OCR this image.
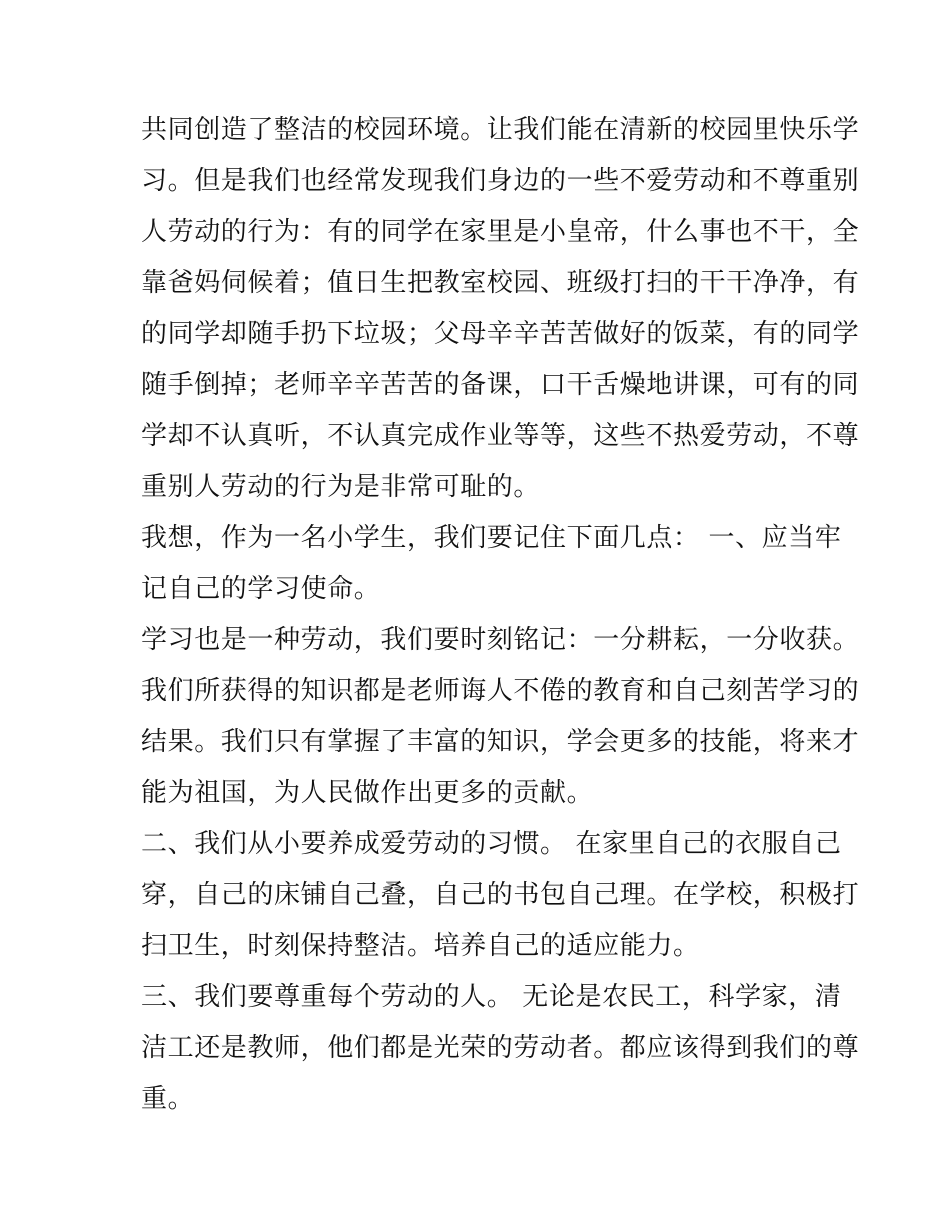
共同创造了整洁的校园环境。让我们能在清新的校园里快乐学
习。但是我们也经常发现我们身边的一些不爱劳动和不尊重别
人劳动的行为：有的同学在家里是小皇帝，什么事也不干，全
靠爸妈伺候着；值日生把教室校园、班级打扫的干干净净，有
的同学却随手扔下垃圾；父母辛辛苦苦做好的饭菜，有的同学
随手倒掉；老师辛辛苦苦的备课，口干舌燥地讲课，可有的同
学却不认真听，不认真完成作业等等，这些不热爱劳动，不尊
重别人劳动的行为是非常可耻的。
我想，作为一名小学生，我们要记住下面几点： 一、应当牢
记自己的学习使命。
学习也是一种劳动，我们要时刻铭记：一分耕耘，一分收获。
我们所获得的知识都是老师诲人不倦的教育和自己刻苦学习的
结果。我们只有掌握了丰富的知识，学会更多的技能，将来才
能为祖国，为人民做作出更多的贡献。
二、我们从小要养成爱劳动的习惯。 在家里自己的衣服自己
穿，自己的床铺自己叠，自己的书包自己理。在学校，积极打
扫卫生，时刻保持整洁。培养自己的适应能力。
三、我们要尊重每个劳动的人。 无论是农民工，科学家，清
洁工还是教师，他们都是光荣的劳动者。都应该得到我们的尊
重。
